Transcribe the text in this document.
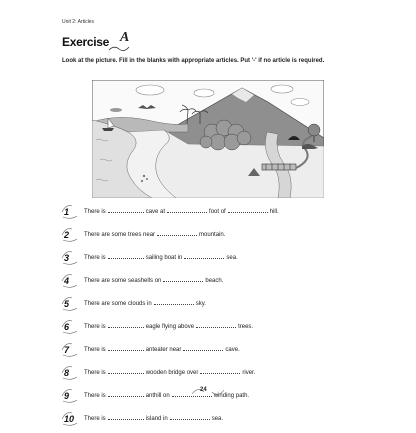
Unit 2: Articles
Exercise A
Look at the picture. Fill in the blanks with appropriate articles. Put '-' if no article is required.
1 There is	cave at	foot of	hill.
2 There are some trees near	mountain.
3 There is	sailing boat in	sea.
4 There are some seashells on	beach.
5 There are some clouds in	sky.
6 There is	eagle flying above	trees.
7 There is	anteater near	cave.
8 There is	wooden bridge over	river.
9 There is	anthill on	winding path.
10 There is	island in	sea.
24
